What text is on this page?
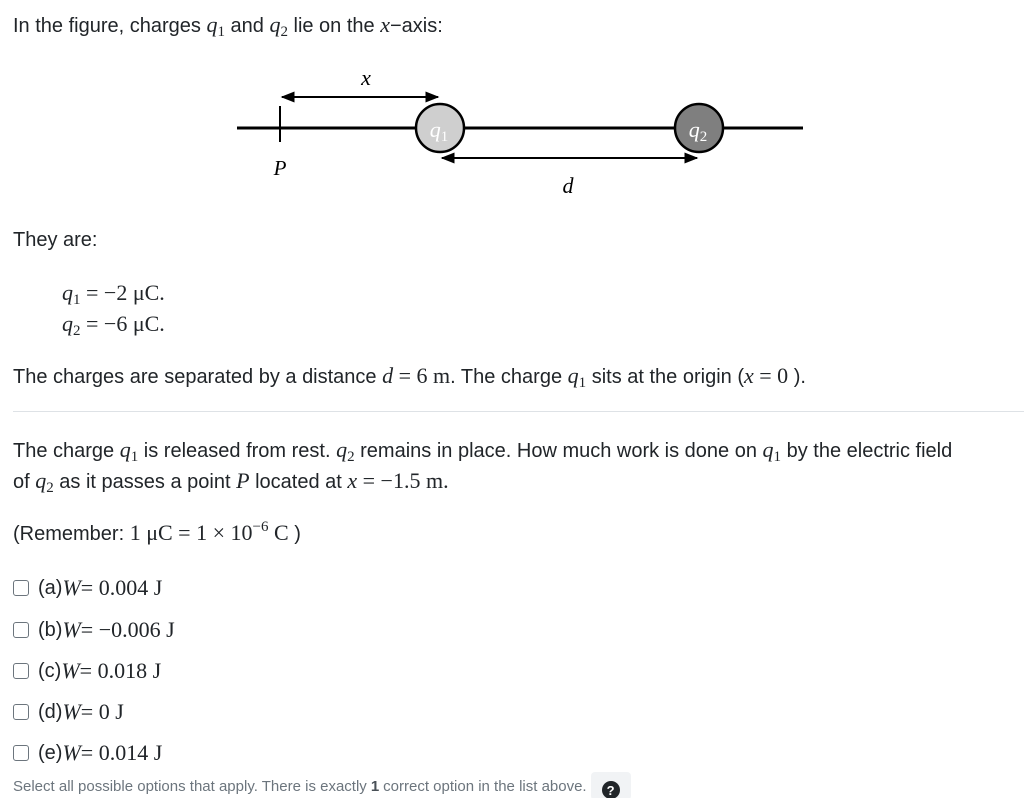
In the figure, charges $q_1$ and $q_2$ lie on the x−axis:
x
P
d
q1	q2
They are:
$q_1 = -2$ μC.
$q_2 = -6$ μC.
The charges are separated by a distance d = 6 m. The charge $q_1$ sits at the origin (x = 0 ).
The charge $q_1$ is released from rest. $q_2$ remains in place. How much work is done on $q_1$ by the electric field
of $q_2$ as it passes a point P located at x = −1.5 m.
(Remember: 1 $\mu C = 1 \times 10^{-6}$ C )
(a) W = 0.004 J
(b) W = −0.006 J
(c) W = 0.018 J
(d) W = 0 J
(e) W = 0.014 J
Select all possible options that apply. There is exactly 1 correct option in the list above.	?
